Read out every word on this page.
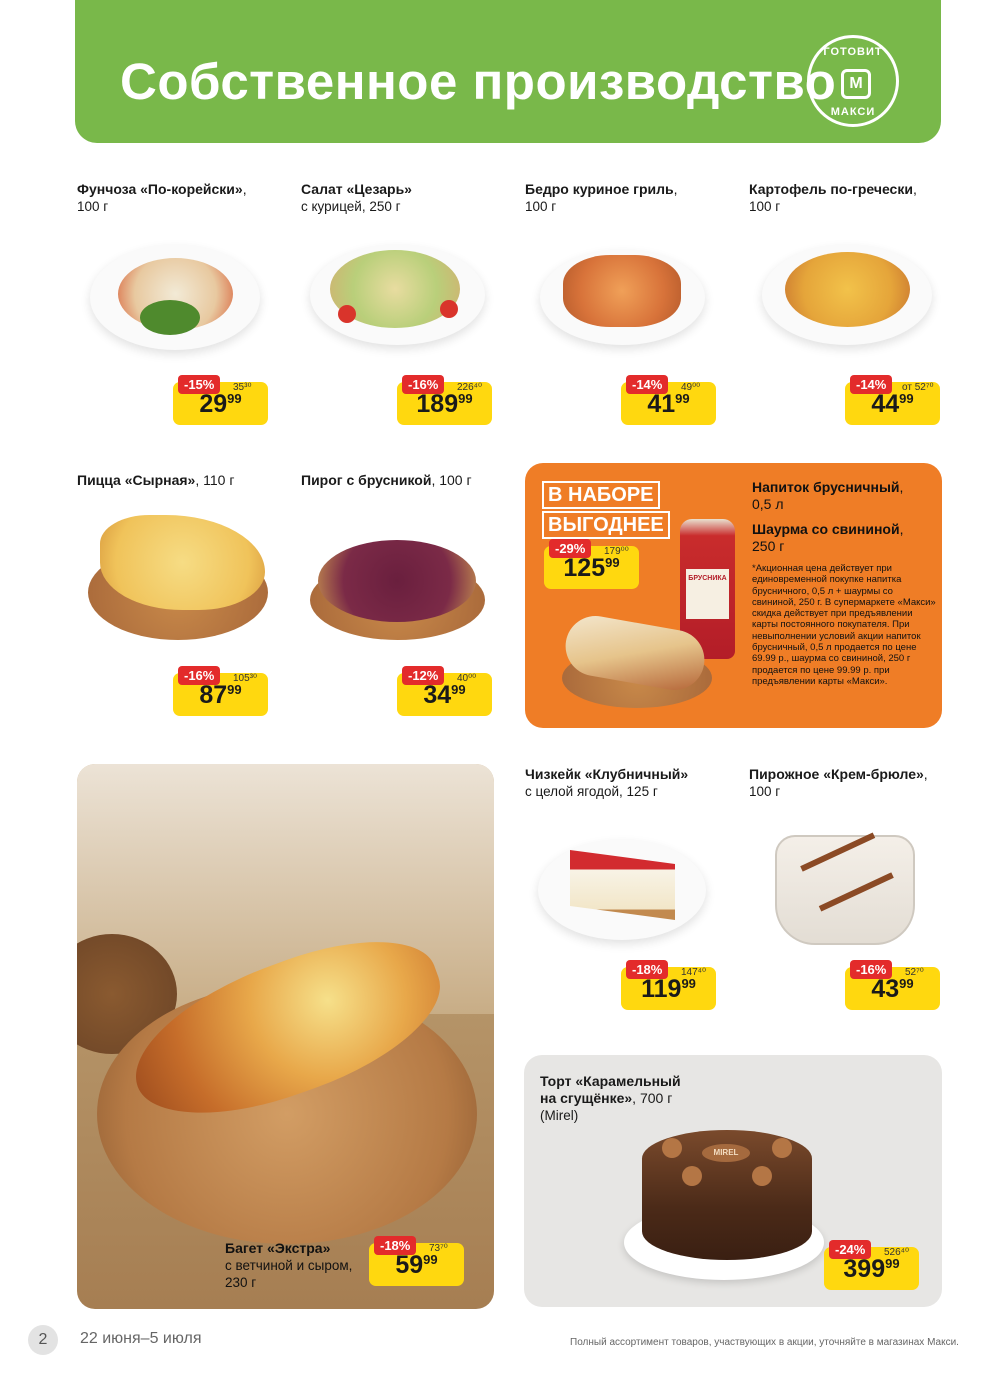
Собственное производство
ГОТОВИТ
М
МАКСИ
Фунчоза «По-корейски»,
100 г
-15%	35³⁰
$29^{99}$
Салат «Цезарь»
с курицей, 250 г
-16%	226⁴⁰
$189^{99}$
Бедро куриное гриль,
100 г
-14%	49⁰⁰
$41^{99}$
Картофель по-гречески,
100 г
-14%	от 52⁷⁰
$44^{99}$
Пицца «Сырная», 110 г
-16%	105³⁰
$87^{99}$
Пирог с брусникой, 100 г
-12%	40⁰⁰
$34^{99}$
В НАБОРЕ
ВЫГОДНЕЕ
-29%	179⁰⁰
$125^{99}$
БРУСНИКА
Напиток брусничный,
0,5 л
Шаурма со свининой,
250 г
*Акционная цена действует при единовременной покупке напитка брусничного, 0,5 л + шаурмы со свининой, 250 г. В супермаркете «Макси» скидка действует при предъявлении карты постоянного покупателя. При невыполнении условий акции напиток брусничный, 0,5 л продается по цене 69.99 р., шаурма со свининой, 250 г продается по цене 99.99 р. при предъявлении карты «Макси».
Багет «Экстра»
с ветчиной и сыром,
230 г
-18%	73⁷⁰
$59^{99}$
Чизкейк «Клубничный»
с целой ягодой, 125 г
-18%	147⁴⁰
$119^{99}$
Пирожное «Крем-брюле»,
100 г
-16%	52⁷⁰
$43^{99}$
Торт «Карамельный
на сгущёнке», 700 г
(Mirel)
MIREL
-24%	526⁴⁰
$399^{99}$
2	22 июня–5 июля	Полный ассортимент товаров, участвующих в акции, уточняйте в магазинах Макси.
